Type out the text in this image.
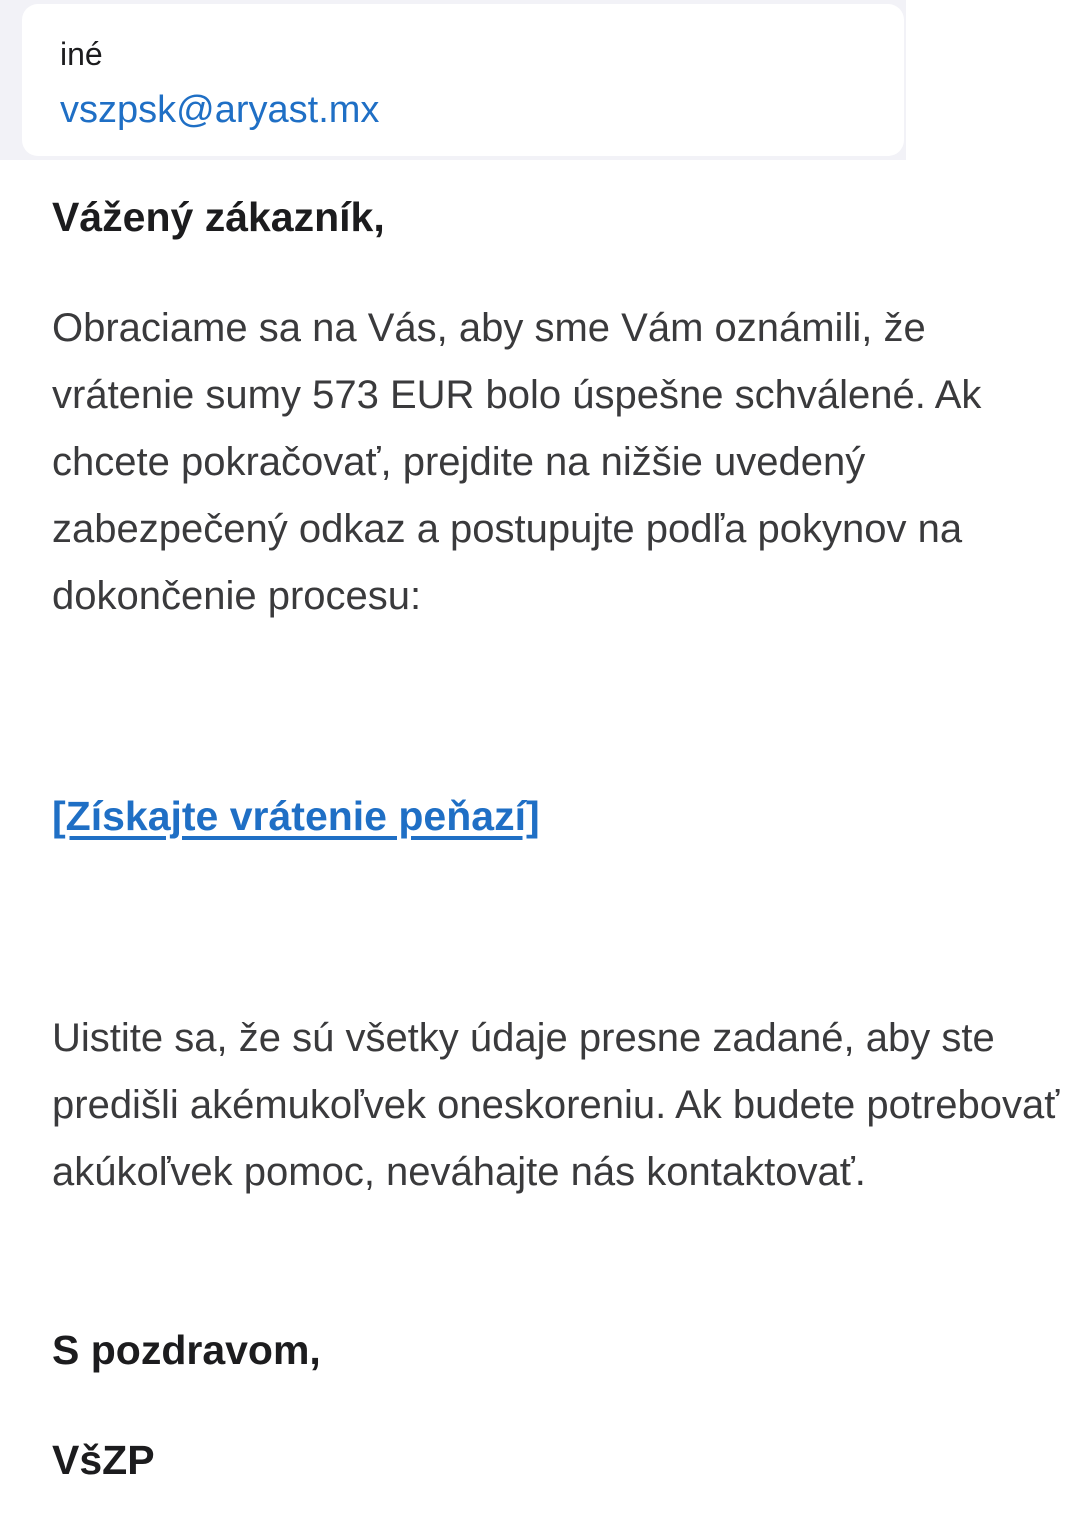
iné
vszpsk@aryast.mx

Vážený zákazník,

Obraciame sa na Vás, aby sme Vám oznámili, že vrátenie sumy 573 EUR bolo úspešne schválené. Ak chcete pokračovať, prejdite na nižšie uvedený zabezpečený odkaz a postupujte podľa pokynov na dokončenie procesu:

[Získajte vrátenie peňazí]

Uistite sa, že sú všetky údaje presne zadané, aby ste predišli akémukoľvek oneskoreniu. Ak budete potrebovať akúkoľvek pomoc, neváhajte nás kontaktovať.

S pozdravom,

VšZP
